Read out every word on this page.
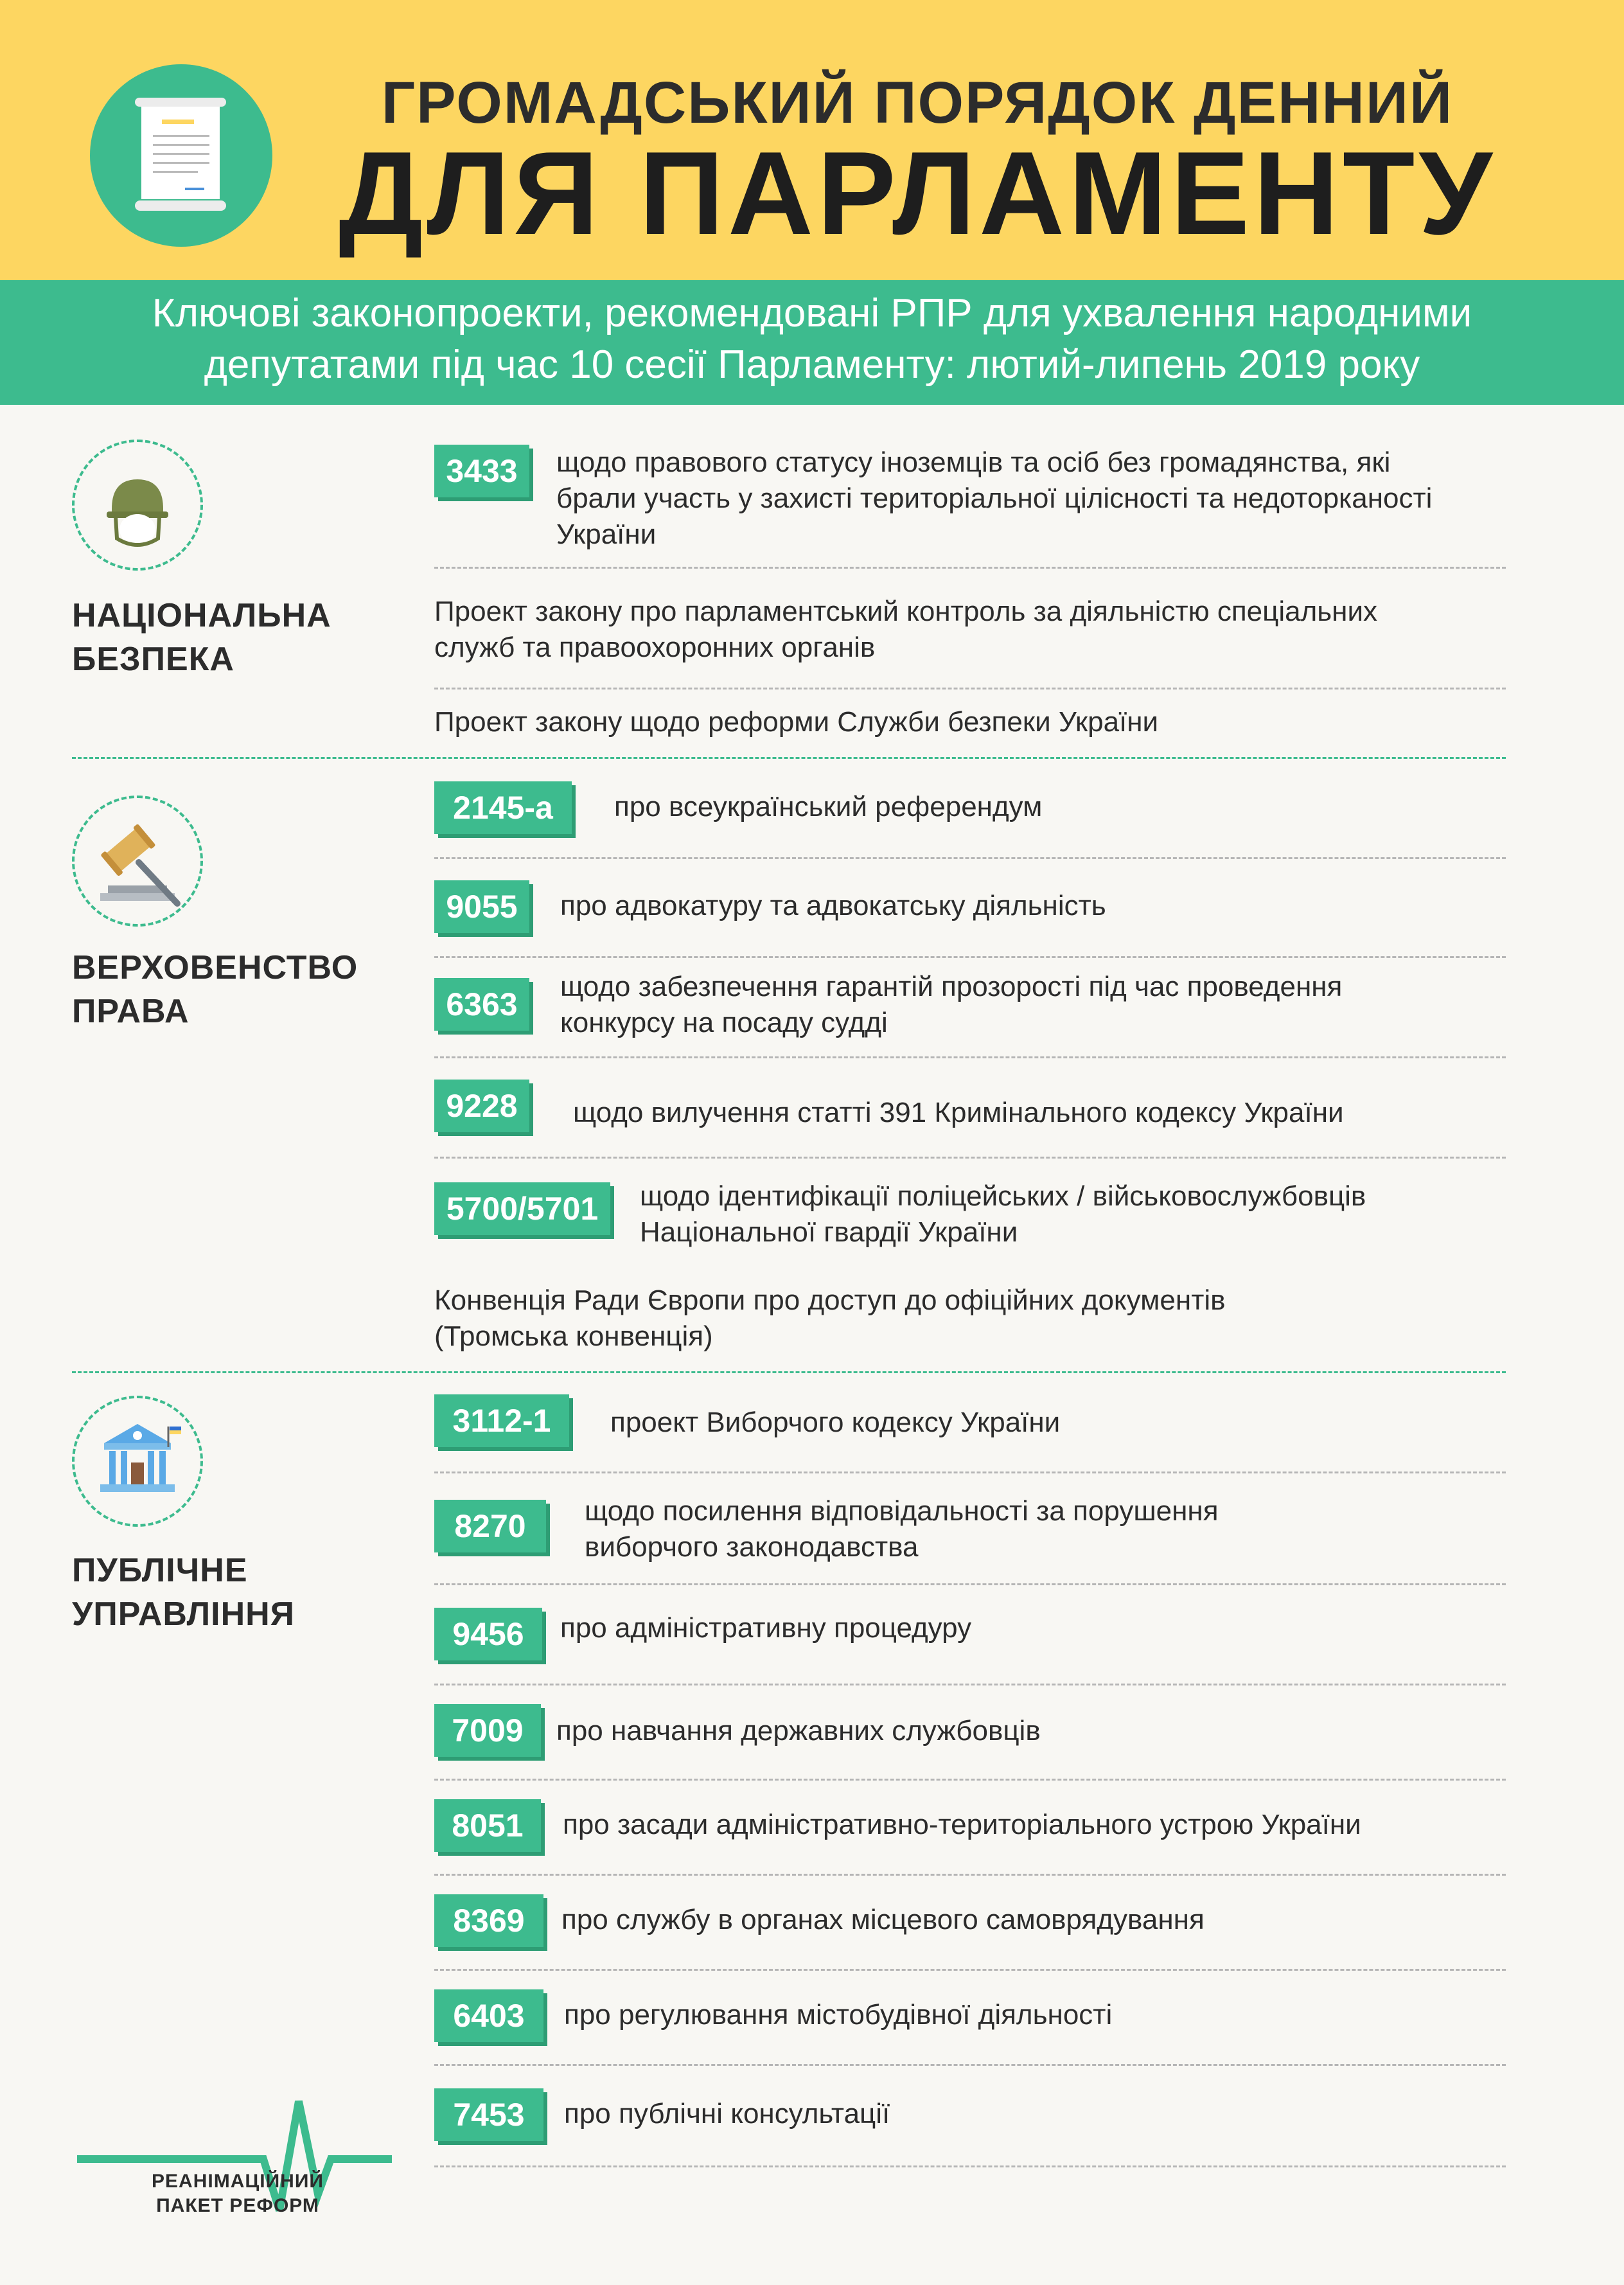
ГРОМАДСЬКИЙ ПОРЯДОК ДЕННИЙ
ДЛЯ ПАРЛАМЕНТУ
Ключові законопроекти, рекомендовані РПР для ухвалення народними
депутатами під час 10 сесії Парламенту: лютий-липень 2019 року
НАЦІОНАЛЬНА
БЕЗПЕКА
3433	щодо правового статусу іноземців та осіб без громадянства, які
брали участь у захисті територіальної цілісності та недоторканості
України
Проект закону про парламентський контроль за діяльністю спеціальних
служб та правоохоронних органів
Проект закону щодо реформи Служби безпеки України
ВЕРХОВЕНСТВО
ПРАВА
2145-а	про всеукраїнський референдум
9055	про адвокатуру та адвокатську діяльність
6363	щодо забезпечення гарантій прозорості під час проведення
конкурсу на посаду судді
9228	щодо вилучення статті 391 Кримінального кодексу України
5700/5701	щодо ідентифікації поліцейських / військовослужбовців
Національної гвардії України
Конвенція Ради Європи про доступ до офіційних документів
(Тромська конвенція)
ПУБЛІЧНЕ
УПРАВЛІННЯ
3112-1	проект Виборчого кодексу України
8270	щодо посилення відповідальності за порушення
виборчого законодавства
9456	про адміністративну процедуру
7009	про навчання державних службовців
8051	про засади адміністративно-територіального устрою України
8369	про службу в органах місцевого самоврядування
6403	про регулювання містобудівної діяльності
7453	про публічні консультації
РЕАНІМАЦІЙНИЙ
ПАКЕТ РЕФОРМ
